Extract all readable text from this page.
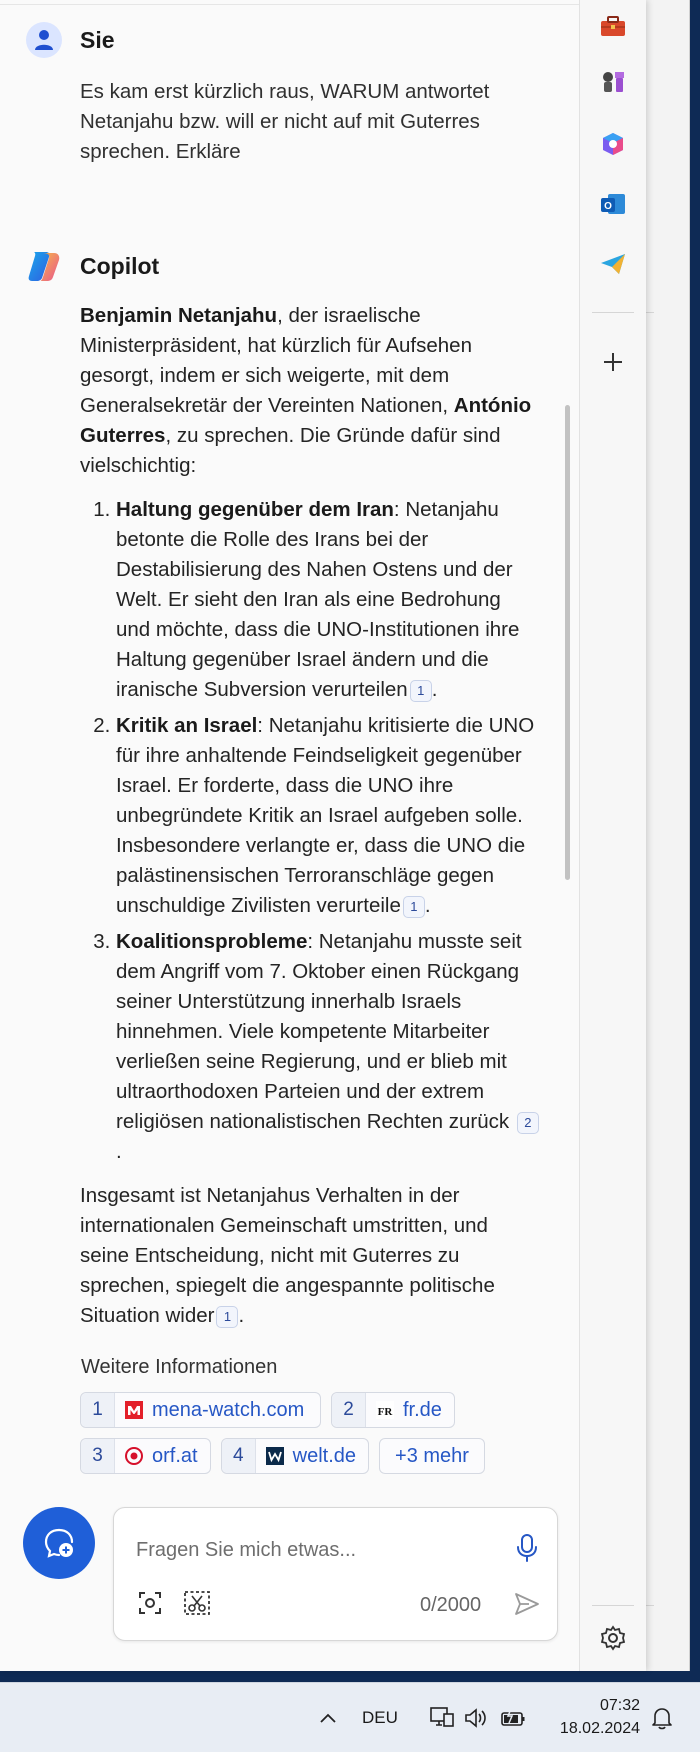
Sie
Es kam erst kürzlich raus, WARUM antwortet Netanjahu bzw. will er nicht auf mit Guterres sprechen. Erkläre
Copilot

Benjamin Netanjahu, der israelische Ministerpräsident, hat kürzlich für Aufsehen gesorgt, indem er sich weigerte, mit dem Generalsekretär der Vereinten Nationen, António Guterres, zu sprechen. Die Gründe dafür sind vielschichtig:

1. Haltung gegenüber dem Iran: Netanjahu betonte die Rolle des Irans bei der Destabilisierung des Nahen Ostens und der Welt. Er sieht den Iran als eine Bedrohung und möchte, dass die UNO-Institutionen ihre Haltung gegenüber Israel ändern und die iranische Subversion verurteilen 1 .
2. Kritik an Israel: Netanjahu kritisierte die UNO für ihre anhaltende Feindseligkeit gegenüber Israel. Er forderte, dass die UNO ihre unbegründete Kritik an Israel aufgeben solle. Insbesondere verlangte er, dass die UNO die palästinensischen Terroranschläge gegen unschuldige Zivilisten verurteile 1 .
3. Koalitionsprobleme: Netanjahu musste seit dem Angriff vom 7. Oktober einen Rückgang seiner Unterstützung innerhalb Israels hinnehmen. Viele kompetente Mitarbeiter verließen seine Regierung, und er blieb mit ultraorthodoxen Parteien und der extrem religiösen nationalistischen Rechten zurück 2.

Insgesamt ist Netanjahus Verhalten in der internationalen Gemeinschaft umstritten, und seine Entscheidung, nicht mit Guterres zu sprechen, spiegelt die angespannte politische Situation wider 1 .

Weitere Informationen
1	mena-watch.com	2	FR fr.de
3	orf.at	4	welt.de	+3 mehr
Fragen Sie mich etwas...
0/2000
O
DEU
07:32
18.02.2024
